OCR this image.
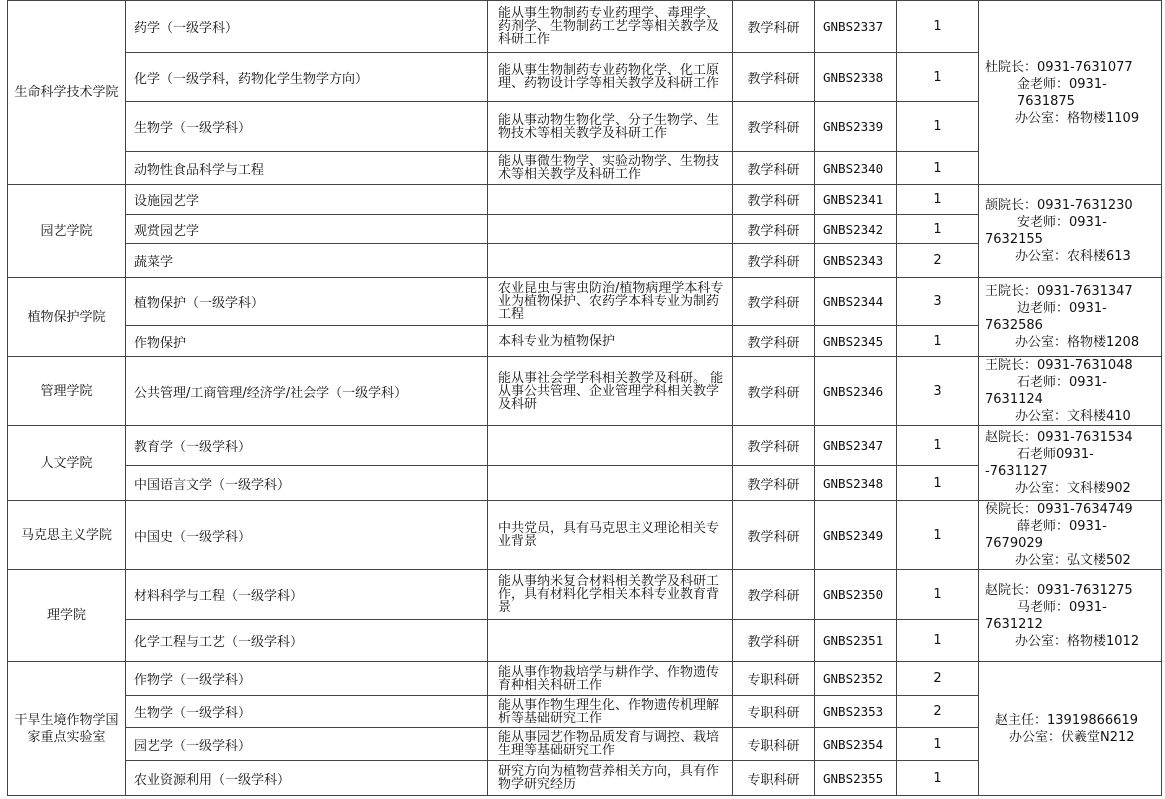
生命科学技术学院	药学（一级学科）	能从事生物制药专业药理学、毒理学、药剂学、生物制药工艺学等相关教学及科研工作	教学科研	GNBS2337	1	杜院长：0931-7631077
金老师：0931-
7631875
办公室：格物楼1109

	化学（一级学科，药物化学生物学方向）	能从事生物制药专业药物化学、化工原理、药物设计学等相关教学及科研工作	教学科研	GNBS2338	1	
	生物学（一级学科）	能从事动物生物化学、分子生物学、生物技术等相关教学及科研工作	教学科研	GNBS2339	1	
	动物性食品科学与工程	能从事微生物学、实验动物学、生物技术等相关教学及科研工作	教学科研	GNBS2340	1	
园艺学院	设施园艺学		教学科研	GNBS2341	1	颉院长：0931-7631230
安老师：0931-
7632155
办公室：农科楼613

	观赏园艺学		教学科研	GNBS2342	1	
	蔬菜学		教学科研	GNBS2343	2	
植物保护学院	植物保护（一级学科）	农业昆虫与害虫防治/植物病理学本科专业为植物保护、农药学本科专业为制药工程	教学科研	GNBS2344	3	王院长：0931-7631347
边老师：0931-
7632586
办公室：格物楼1208

	作物保护	本科专业为植物保护	教学科研	GNBS2345	1	
管理学院	公共管理/工商管理/经济学/社会学（一级学科）	能从事社会学学科相关教学及科研。 能从事公共管理、企业管理学科相关教学及科研	教学科研	GNBS2346	3	王院长：0931-7631048
石老师：0931-
7631124
办公室：文科楼410

人文学院	教育学（一级学科）		教学科研	GNBS2347	1	赵院长：0931-7631534
石老师0931-
-7631127
办公室：文科楼902

	中国语言文学（一级学科）		教学科研	GNBS2348	1	
马克思主义学院	中国史（一级学科）	中共党员，具有马克思主义理论相关专业背景	教学科研	GNBS2349	1	侯院长：0931-7634749
薛老师：0931-
7679029
办公室：弘文楼502

理学院	材料科学与工程（一级学科）	能从事纳米复合材料相关教学及科研工作，具有材料化学相关本科专业教育背景	教学科研	GNBS2350	1	赵院长：0931-7631275
马老师：0931-
7631212
办公室：格物楼1012

	化学工程与工艺（一级学科）		教学科研	GNBS2351	1	
干旱生境作物学国家重点实验室	作物学（一级学科）	能从事作物栽培学与耕作学、作物遗传育种相关科研工作	专职科研	GNBS2352	2	赵主任：13919866619
办公室：伏羲堂N212

	生物学（一级学科）	能从事作物生理生化、作物遗传机理解析等基础研究工作	专职科研	GNBS2353	2	
	园艺学（一级学科）	能从事园艺作物品质发育与调控、栽培生理等基础研究工作	专职科研	GNBS2354	1	
	农业资源利用（一级学科）	研究方向为植物营养相关方向，具有作物学研究经历	专职科研	GNBS2355	1	
